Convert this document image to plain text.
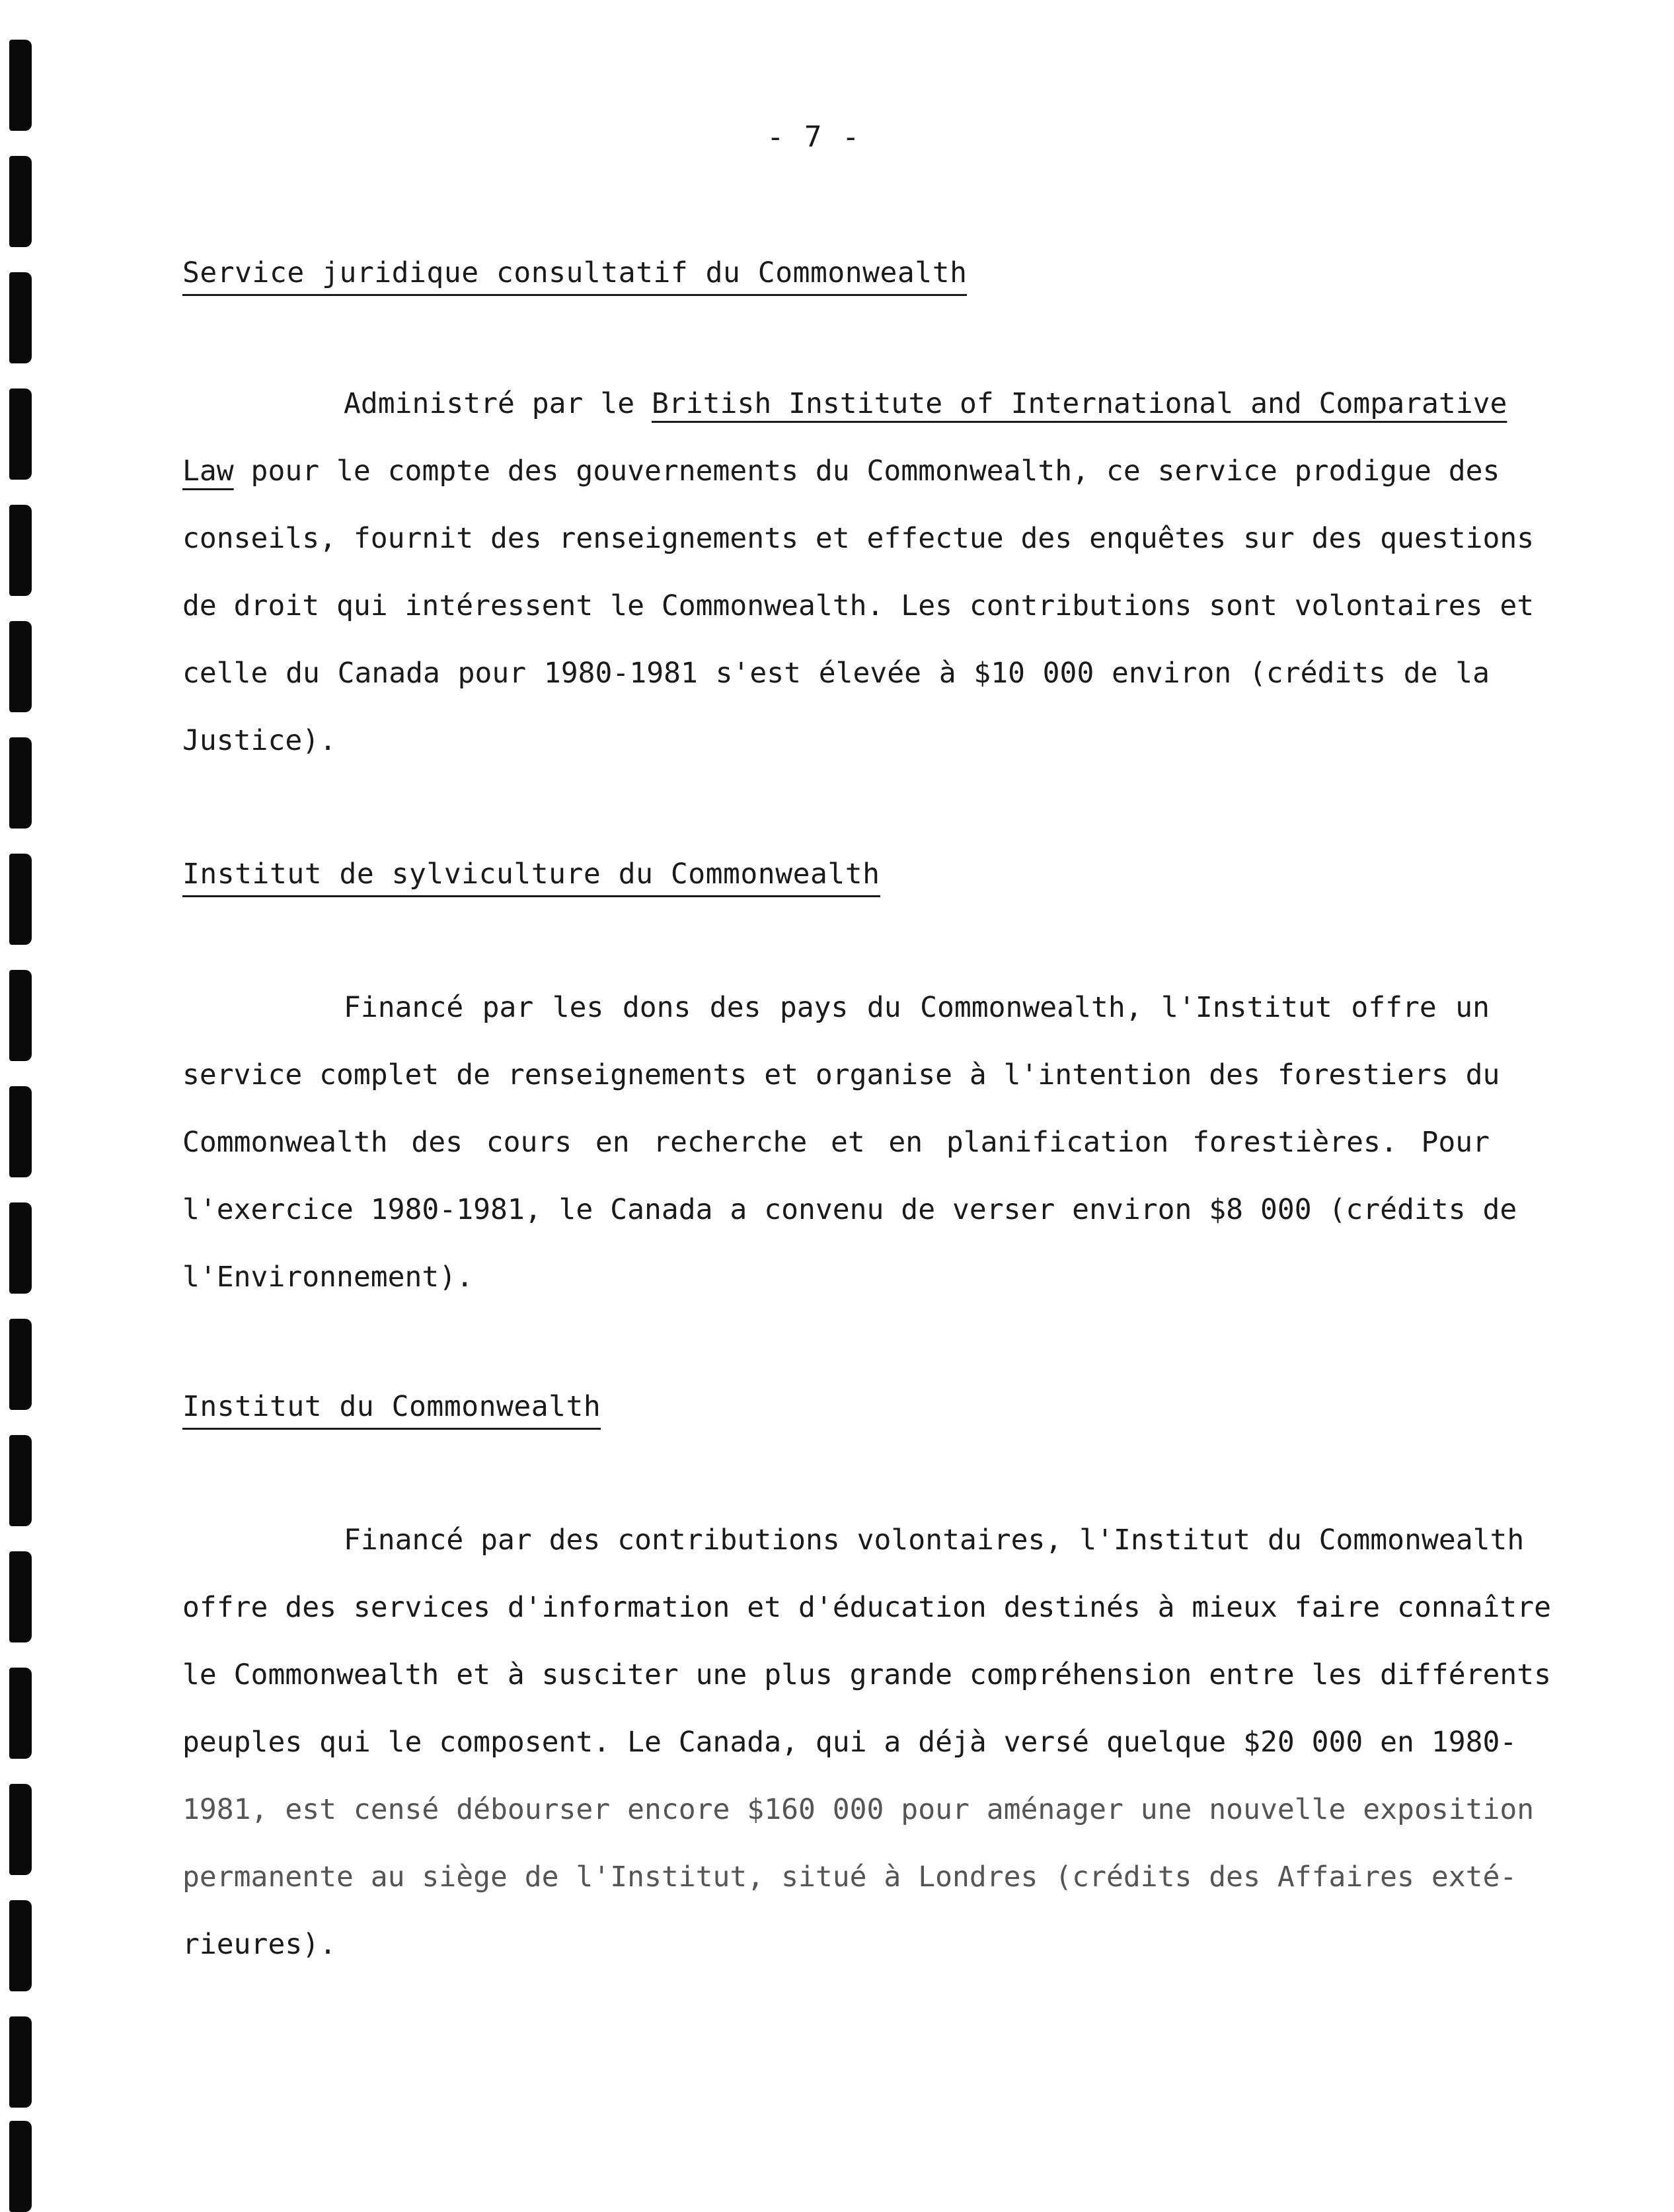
- 7 -
Service juridique consultatif du Commonwealth
Administré par le British Institute of International and Comparative
Law pour le compte des gouvernements du Commonwealth, ce service prodigue des
conseils, fournit des renseignements et effectue des enquêtes sur des questions
de droit qui intéressent le Commonwealth. Les contributions sont volontaires et
celle du Canada pour 1980-1981 s'est élevée à $10 000 environ (crédits de la
Justice).
Institut de sylviculture du Commonwealth
Financé par les dons des pays du Commonwealth, l'Institut offre un
service complet de renseignements et organise à l'intention des forestiers du
Commonwealth des cours en recherche et en planification forestières. Pour
l'exercice 1980-1981, le Canada a convenu de verser environ $8 000 (crédits de
l'Environnement).
Institut du Commonwealth
Financé par des contributions volontaires, l'Institut du Commonwealth
offre des services d'information et d'éducation destinés à mieux faire connaître
le Commonwealth et à susciter une plus grande compréhension entre les différents
peuples qui le composent. Le Canada, qui a déjà versé quelque $20 000 en 1980-
1981, est censé débourser encore $160 000 pour aménager une nouvelle exposition
permanente au siège de l'Institut, situé à Londres (crédits des Affaires exté-
rieures).
